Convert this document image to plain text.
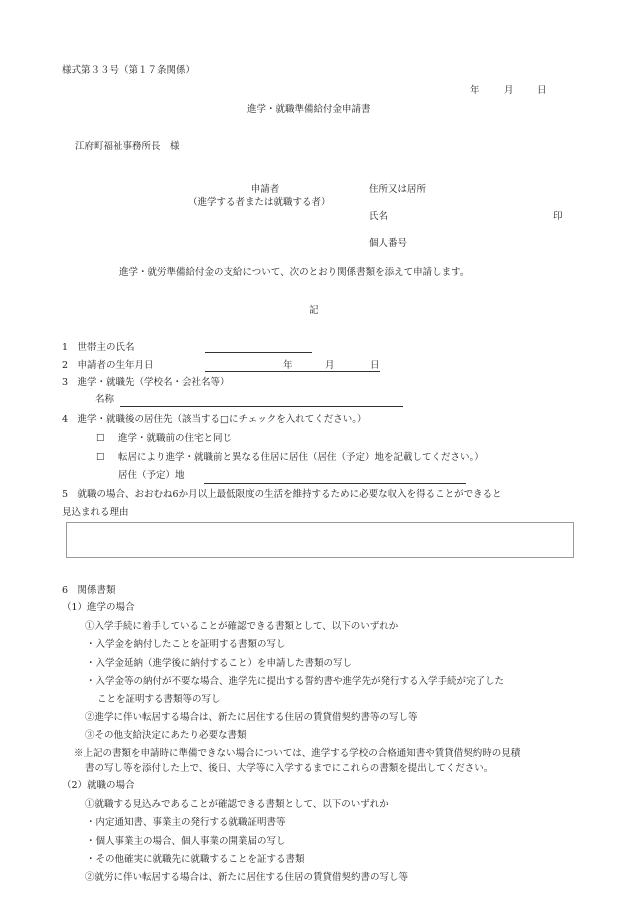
様式第３３号（第１７条関係）
年	月 日
進学・就職準備給付金申請書
江府町福祉事務所長　様
申請者
（進学する者または就職する者）
住所又は居所
氏名	印
個人番号
進学・就労準備給付金の支給について、次のとおり関係書類を添えて申請します。
記
1　世帯主の氏名
2　申請者の生年月日	年	月	日
3　進学・就職先（学校名・会社名等）
名称
4　進学・就職後の居住先（該当する□にチェックを入れてください。）
☐ 進学・就職前の住宅と同じ
☐ 転居により進学・就職前と異なる住居に居住（居住（予定）地を記載してください。）
居住（予定）地
5　就職の場合、おおむね6か月以上最低限度の生活を維持するために必要な収入を得ることができると
見込まれる理由
6　関係書類
（1）進学の場合
①入学手続に着手していることが確認できる書類として、以下のいずれか
・入学金を納付したことを証明する書類の写し
・入学金延納（進学後に納付すること）を申請した書類の写し
・入学金等の納付が不要な場合、進学先に提出する誓約書や進学先が発行する入学手続が完了した
ことを証明する書類等の写し
②進学に伴い転居する場合は、新たに居住する住居の賃貸借契約書等の写し等
③その他支給決定にあたり必要な書類
※上記の書類を申請時に準備できない場合については、進学する学校の合格通知書や賃貸借契約時の見積
書の写し等を添付した上で、後日、大学等に入学するまでにこれらの書類を提出してください。
（2）就職の場合
①就職する見込みであることが確認できる書類として、以下のいずれか
・内定通知書、事業主の発行する就職証明書等
・個人事業主の場合、個人事業の開業届の写し
・その他確実に就職先に就職することを証する書類
②就労に伴い転居する場合は、新たに居住する住居の賃貸借契約書の写し等
